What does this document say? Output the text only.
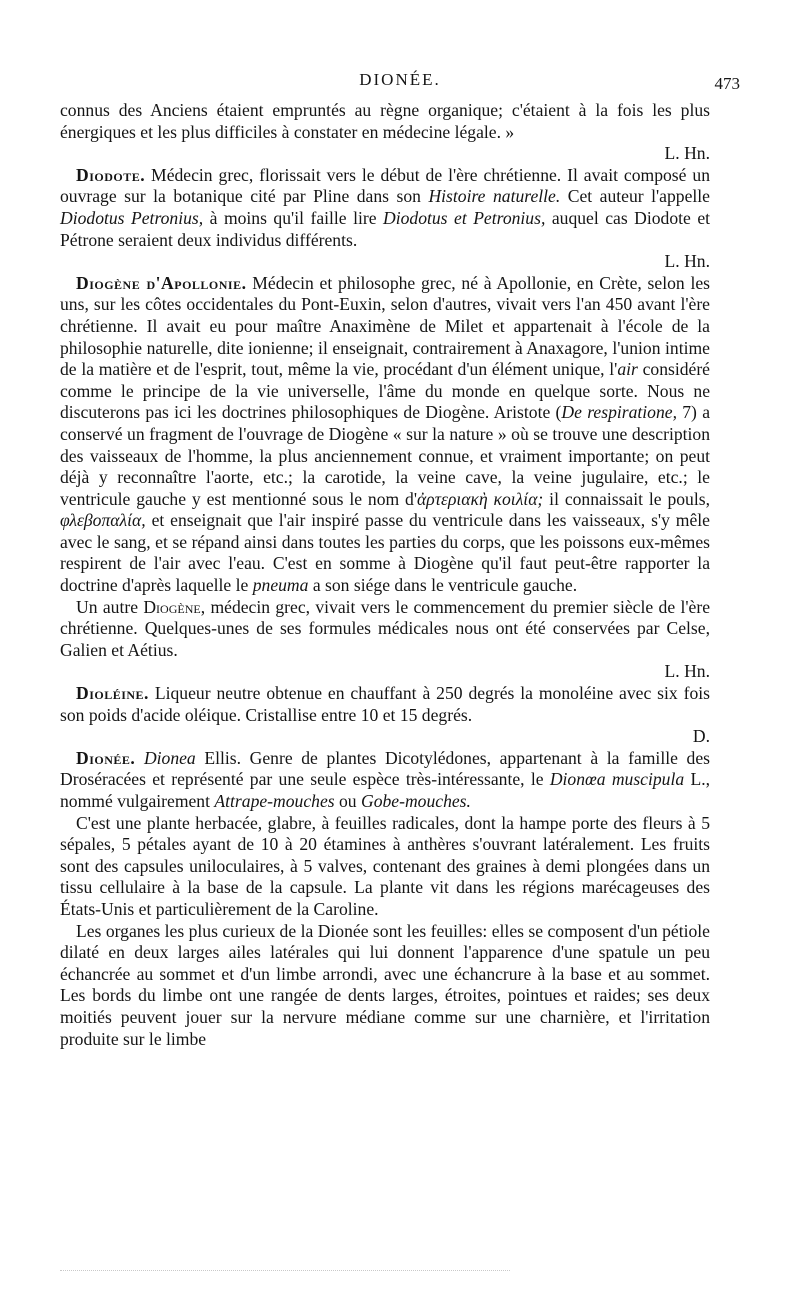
DIONÉE.	473

connus des Anciens étaient empruntés au règne organique; c'étaient à la fois les plus énergiques et les plus difficiles à constater en médecine légale. »

L. Hn.

Diodote. Médecin grec, florissait vers le début de l'ère chrétienne. Il avait composé un ouvrage sur la botanique cité par Pline dans son Histoire naturelle. Cet auteur l'appelle Diodotus Petronius, à moins qu'il faille lire Diodotus et Petronius, auquel cas Diodote et Pétrone seraient deux individus différents.

L. Hn.

Diogène d'Apollonie. Médecin et philosophe grec, né à Apollonie, en Crète, selon les uns, sur les côtes occidentales du Pont-Euxin, selon d'autres, vivait vers l'an 450 avant l'ère chrétienne. Il avait eu pour maître Anaximène de Milet et appartenait à l'école de la philosophie naturelle, dite ionienne; il enseignait, contrairement à Anaxagore, l'union intime de la matière et de l'esprit, tout, même la vie, procédant d'un élément unique, l'air considéré comme le principe de la vie universelle, l'âme du monde en quelque sorte. Nous ne discuterons pas ici les doctrines philosophiques de Diogène. Aristote (De respiratione, 7) a conservé un fragment de l'ouvrage de Diogène « sur la nature » où se trouve une description des vaisseaux de l'homme, la plus anciennement connue, et vraiment importante; on peut déjà y reconnaître l'aorte, etc.; la carotide, la veine cave, la veine jugulaire, etc.; le ventricule gauche y est mentionné sous le nom d'ἀρτεριακὴ κοιλία; il connaissait le pouls, φλεβοπαλία, et enseignait que l'air inspiré passe du ventricule dans les vaisseaux, s'y mêle avec le sang, et se répand ainsi dans toutes les parties du corps, que les poissons eux-mêmes respirent de l'air avec l'eau. C'est en somme à Diogène qu'il faut peut-être rapporter la doctrine d'après laquelle le pneuma a son siége dans le ventricule gauche.

Un autre Diogène, médecin grec, vivait vers le commencement du premier siècle de l'ère chrétienne. Quelques-unes de ses formules médicales nous ont été conservées par Celse, Galien et Aétius.

L. Hn.

Dioléine. Liqueur neutre obtenue en chauffant à 250 degrés la monoléine avec six fois son poids d'acide oléique. Cristallise entre 10 et 15 degrés.

D.

Dionée. Dionea Ellis. Genre de plantes Dicotylédones, appartenant à la famille des Droséracées et représenté par une seule espèce très-intéressante, le Dionœa muscipula L., nommé vulgairement Attrape-mouches ou Gobe-mouches.

C'est une plante herbacée, glabre, à feuilles radicales, dont la hampe porte des fleurs à 5 sépales, 5 pétales ayant de 10 à 20 étamines à anthères s'ouvrant latéralement. Les fruits sont des capsules uniloculaires, à 5 valves, contenant des graines à demi plongées dans un tissu cellulaire à la base de la capsule. La plante vit dans les régions marécageuses des États-Unis et particulièrement de la Caroline.

Les organes les plus curieux de la Dionée sont les feuilles: elles se composent d'un pétiole dilaté en deux larges ailes latérales qui lui donnent l'apparence d'une spatule un peu échancrée au sommet et d'un limbe arrondi, avec une échancrure à la base et au sommet. Les bords du limbe ont une rangée de dents larges, étroites, pointues et raides; ses deux moitiés peuvent jouer sur la nervure médiane comme sur une charnière, et l'irritation produite sur le limbe
